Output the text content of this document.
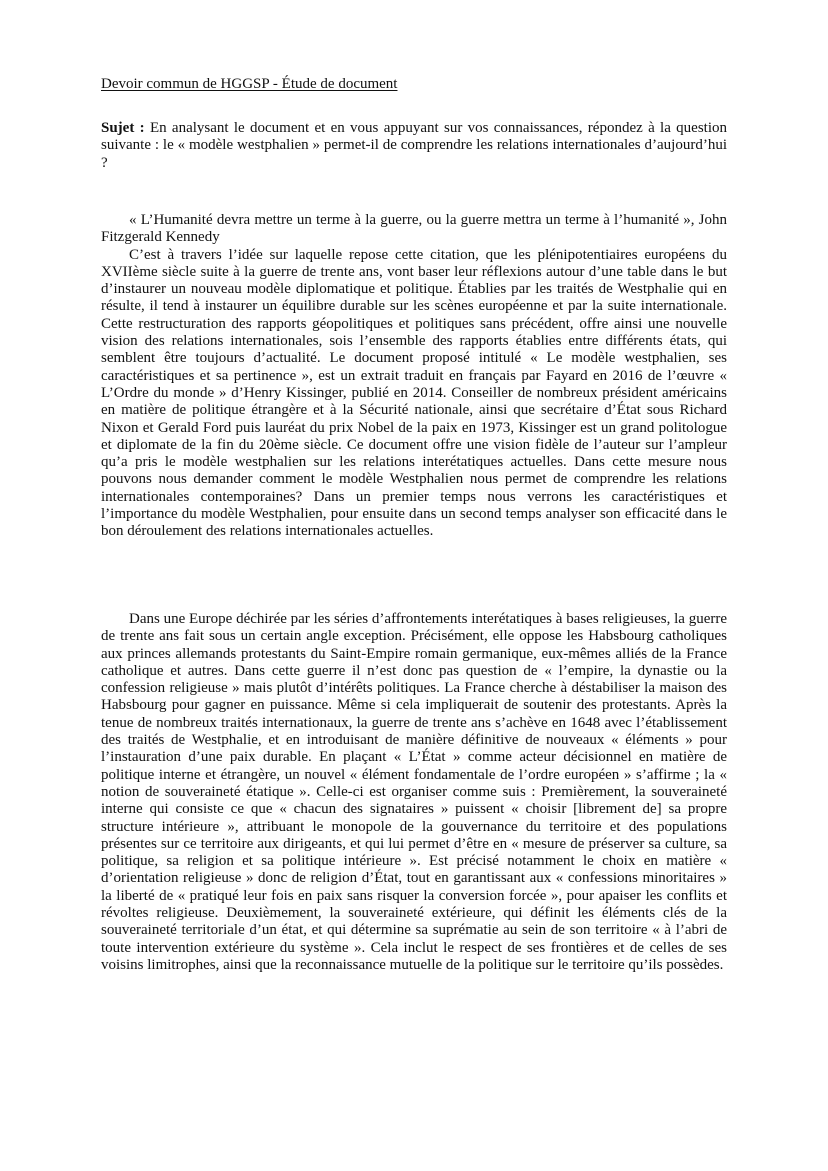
Devoir commun de HGGSP - Étude de document

Sujet : En analysant le document et en vous appuyant sur vos connaissances, répondez à la question suivante : le « modèle westphalien » permet-il de comprendre les relations internationales d’aujourd’hui ?

« L’Humanité devra mettre un terme à la guerre, ou la guerre mettra un terme à l’humanité », John Fitzgerald Kennedy

C’est à travers l’idée sur laquelle repose cette citation, que les plénipotentiaires européens du XVIIème siècle suite à la guerre de trente ans, vont baser leur réflexions autour d’une table dans le but d’instaurer un nouveau modèle diplomatique et politique. Établies par les traités de Westphalie qui en résulte, il tend à instaurer un équilibre durable sur les scènes européenne et par la suite internationale. Cette restructuration des rapports géopolitiques et politiques sans précédent, offre ainsi une nouvelle vision des relations internationales, sois l’ensemble des rapports établies entre différents états, qui semblent être toujours d’actualité. Le document proposé intitulé « Le modèle westphalien, ses caractéristiques et sa pertinence », est un extrait traduit en français par Fayard en 2016 de l’œuvre « L’Ordre du monde » d’Henry Kissinger, publié en 2014. Conseiller de nombreux président américains en matière de politique étrangère et à la Sécurité nationale, ainsi que secrétaire d’État sous Richard Nixon et Gerald Ford puis lauréat du prix Nobel de la paix en 1973, Kissinger est un grand politologue et diplomate de la fin du 20ème siècle. Ce document offre une vision fidèle de l’auteur sur l’ampleur qu’a pris le modèle westphalien sur les relations interétatiques actuelles. Dans cette mesure nous pouvons nous demander comment le modèle Westphalien nous permet de comprendre les relations internationales contemporaines? Dans un premier temps nous verrons les caractéristiques et l’importance du modèle Westphalien, pour ensuite dans un second temps analyser son efficacité dans le bon déroulement des relations internationales actuelles.

Dans une Europe déchirée par les séries d’affrontements interétatiques à bases religieuses, la guerre de trente ans fait sous un certain angle exception. Précisément, elle oppose les Habsbourg catholiques aux princes allemands protestants du Saint-Empire romain germanique, eux-mêmes alliés de la France catholique et autres. Dans cette guerre il n’est donc pas question de « l’empire, la dynastie ou la confession religieuse » mais plutôt d’intérêts politiques. La France cherche à déstabiliser la maison des Habsbourg pour gagner en puissance. Même si cela impliquerait de soutenir des protestants. Après la tenue de nombreux traités internationaux, la guerre de trente ans s’achève en 1648 avec l’établissement des traités de Westphalie, et en introduisant de manière définitive de nouveaux « éléments » pour l’instauration d’une paix durable. En plaçant « L’État » comme acteur décisionnel en matière de politique interne et étrangère, un nouvel « élément fondamentale de l’ordre européen » s’affirme ; la « notion de souveraineté étatique ». Celle-ci est organiser comme suis : Premièrement, la souveraineté interne qui consiste ce que « chacun des signataires » puissent « choisir [librement de] sa propre structure intérieure », attribuant le monopole de la gouvernance du territoire et des populations présentes sur ce territoire aux dirigeants, et qui lui permet d’être en « mesure de préserver sa culture, sa politique, sa religion et sa politique intérieure ». Est précisé notamment le choix en matière « d’orientation religieuse » donc de religion d’État, tout en garantissant aux « confessions minoritaires » la liberté de « pratiqué leur fois en paix sans risquer la conversion forcée », pour apaiser les conflits et révoltes religieuse. Deuxièmement, la souveraineté extérieure, qui définit les éléments clés de la souveraineté territoriale d’un état, et qui détermine sa suprématie au sein de son territoire « à l’abri de toute intervention extérieure du système ». Cela inclut le respect de ses frontières et de celles de ses voisins limitrophes, ainsi que la reconnaissance mutuelle de la politique sur le territoire qu’ils possèdes.
